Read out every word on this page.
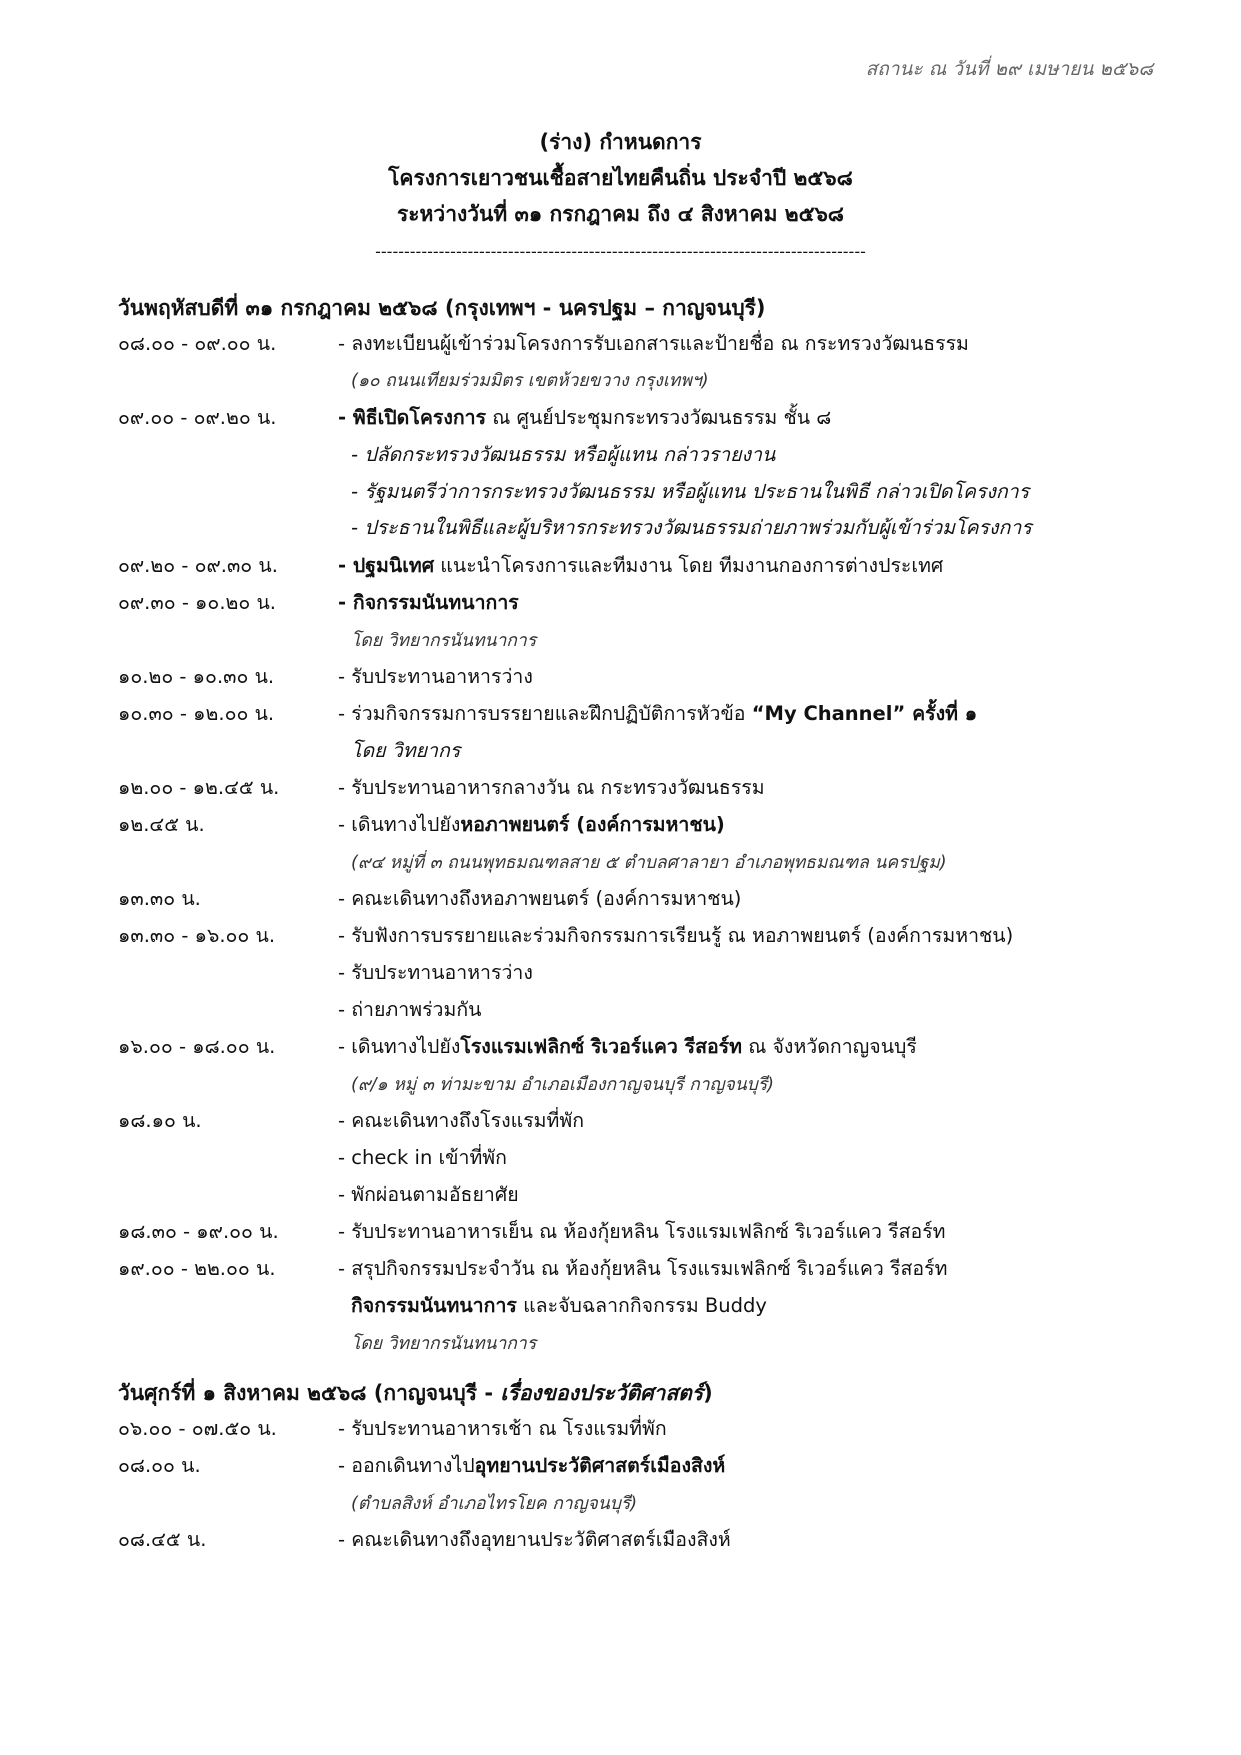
สถานะ ณ วันที่ ๒๙ เมษายน ๒๕๖๘
(ร่าง) กำหนดการ
โครงการเยาวชนเชื้อสายไทยคืนถิ่น ประจำปี ๒๕๖๘
ระหว่างวันที่ ๓๑ กรกฎาคม ถึง ๔ สิงหาคม ๒๕๖๘
-------------------------------------------------------------------------------------
วันพฤหัสบดีที่ ๓๑ กรกฎาคม ๒๕๖๘ (กรุงเทพฯ - นครปฐม – กาญจนบุรี)
๐๘.๐๐ - ๐๙.๐๐ น.	- ลงทะเบียนผู้เข้าร่วมโครงการรับเอกสารและป้ายชื่อ ณ กระทรวงวัฒนธรรม
(๑๐ ถนนเทียมร่วมมิตร เขตห้วยขวาง กรุงเทพฯ)
๐๙.๐๐ - ๐๙.๒๐ น.	- พิธีเปิดโครงการ ณ ศูนย์ประชุมกระทรวงวัฒนธรรม ชั้น ๘
- ปลัดกระทรวงวัฒนธรรม หรือผู้แทน กล่าวรายงาน
- รัฐมนตรีว่าการกระทรวงวัฒนธรรม หรือผู้แทน ประธานในพิธี กล่าวเปิดโครงการ
- ประธานในพิธีและผู้บริหารกระทรวงวัฒนธรรมถ่ายภาพร่วมกับผู้เข้าร่วมโครงการ
๐๙.๒๐ - ๐๙.๓๐ น.	- ปฐมนิเทศ แนะนำโครงการและทีมงาน โดย ทีมงานกองการต่างประเทศ
๐๙.๓๐ - ๑๐.๒๐ น.	- กิจกรรมนันทนาการ
โดย วิทยากรนันทนาการ
๑๐.๒๐ - ๑๐.๓๐ น.	- รับประทานอาหารว่าง
๑๐.๓๐ - ๑๒.๐๐ น.	- ร่วมกิจกรรมการบรรยายและฝึกปฏิบัติการหัวข้อ “My Channel” ครั้งที่ ๑
โดย วิทยากร
๑๒.๐๐ - ๑๒.๔๕ น.	- รับประทานอาหารกลางวัน ณ กระทรวงวัฒนธรรม
๑๒.๔๕ น.	- เดินทางไปยังหอภาพยนตร์ (องค์การมหาชน)
(๙๔ หมู่ที่ ๓ ถนนพุทธมณฑลสาย ๕ ตำบลศาลายา อำเภอพุทธมณฑล นครปฐม)
๑๓.๓๐ น.	- คณะเดินทางถึงหอภาพยนตร์ (องค์การมหาชน)
๑๓.๓๐ - ๑๖.๐๐ น.	- รับฟังการบรรยายและร่วมกิจกรรมการเรียนรู้ ณ หอภาพยนตร์ (องค์การมหาชน)
- รับประทานอาหารว่าง
- ถ่ายภาพร่วมกัน
๑๖.๐๐ - ๑๘.๐๐ น.	- เดินทางไปยังโรงแรมเฟลิกซ์ ริเวอร์แคว รีสอร์ท ณ จังหวัดกาญจนบุรี
(๙/๑ หมู่ ๓ ท่ามะขาม อำเภอเมืองกาญจนบุรี กาญจนบุรี)
๑๘.๑๐ น.	- คณะเดินทางถึงโรงแรมที่พัก
- check in เข้าที่พัก
- พักผ่อนตามอัธยาศัย
๑๘.๓๐ - ๑๙.๐๐ น.	- รับประทานอาหารเย็น ณ ห้องกุ้ยหลิน โรงแรมเฟลิกซ์ ริเวอร์แคว รีสอร์ท
๑๙.๐๐ - ๒๒.๐๐ น.	- สรุปกิจกรรมประจำวัน ณ ห้องกุ้ยหลิน โรงแรมเฟลิกซ์ ริเวอร์แคว รีสอร์ท
กิจกรรมนันทนาการ และจับฉลากกิจกรรม Buddy
โดย วิทยากรนันทนาการ
วันศุกร์ที่ ๑ สิงหาคม ๒๕๖๘ (กาญจนบุรี - เรื่องของประวัติศาสตร์)
๐๖.๐๐ - ๐๗.๕๐ น.	- รับประทานอาหารเช้า ณ โรงแรมที่พัก
๐๘.๐๐ น.	- ออกเดินทางไปอุทยานประวัติศาสตร์เมืองสิงห์
(ตำบลสิงห์ อำเภอไทรโยค กาญจนบุรี)
๐๘.๔๕ น.	- คณะเดินทางถึงอุทยานประวัติศาสตร์เมืองสิงห์
